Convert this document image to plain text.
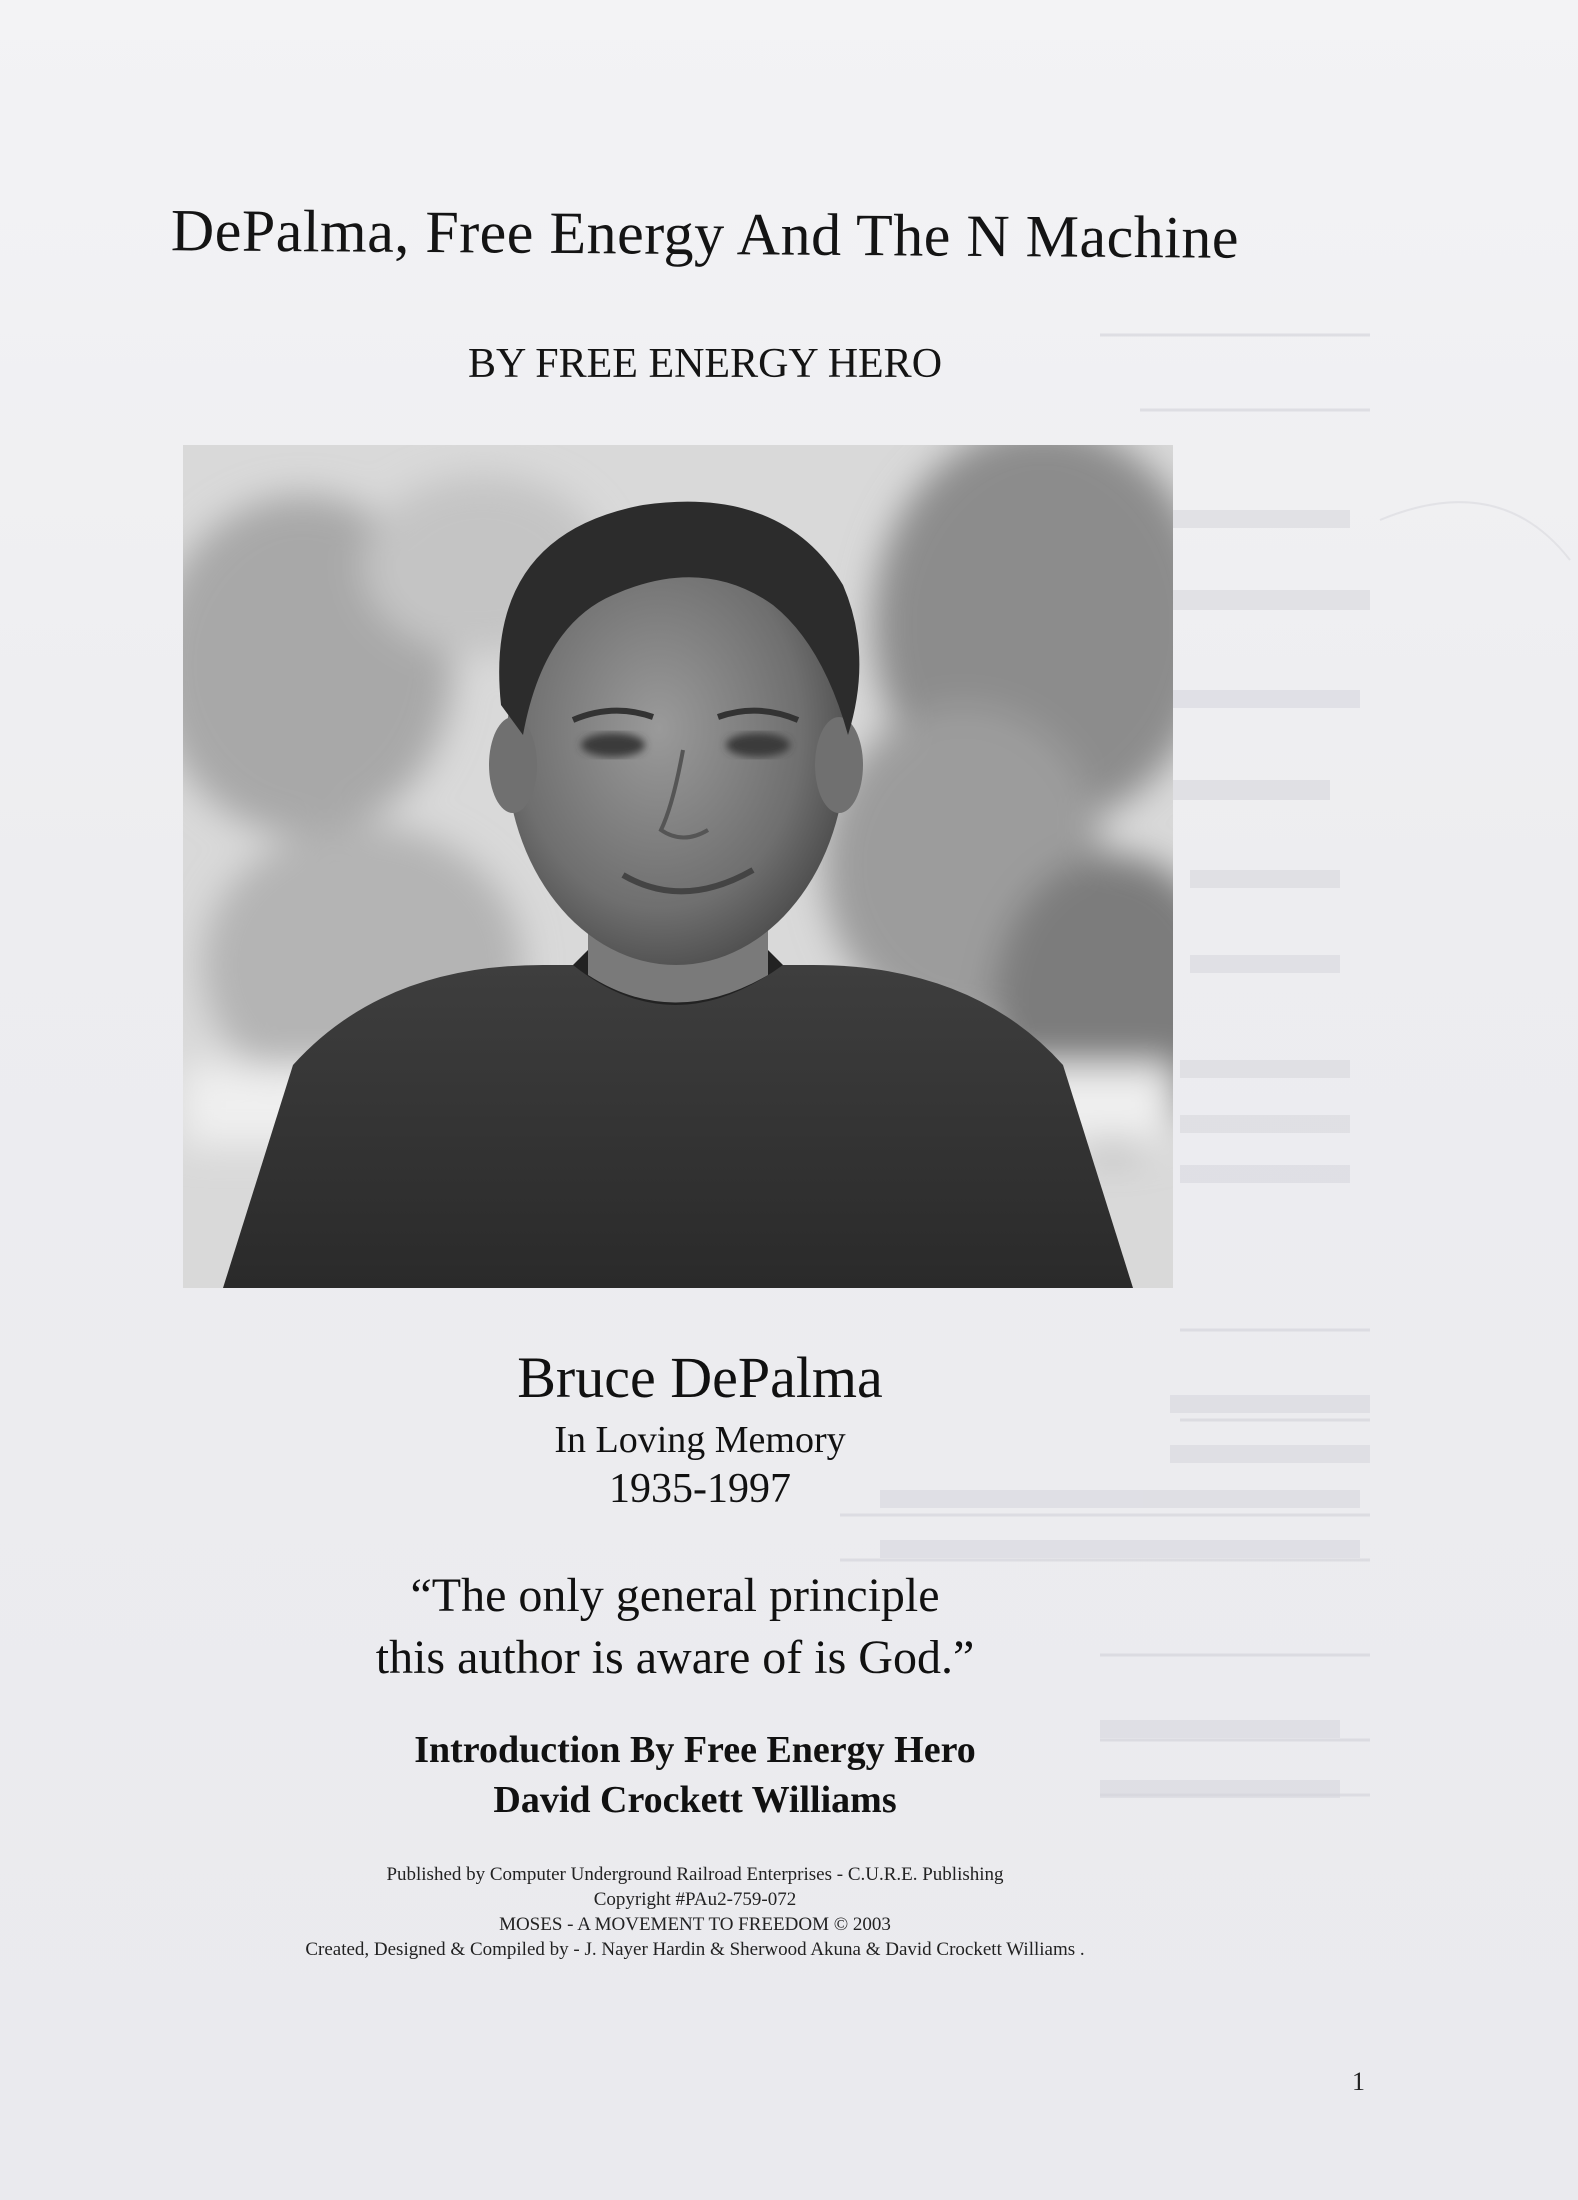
DePalma, Free Energy And The N Machine
BY FREE ENERGY HERO
Bruce DePalma
In Loving Memory
1935-1997
“The only general principle
this author is aware of is God.”
Introduction By Free Energy Hero
David Crockett Williams
Published by Computer Underground Railroad Enterprises - C.U.R.E. Publishing
Copyright #PAu2-759-072
MOSES - A MOVEMENT TO FREEDOM © 2003
Created, Designed & Compiled by - J. Nayer Hardin & Sherwood Akuna & David Crockett Williams .
1
